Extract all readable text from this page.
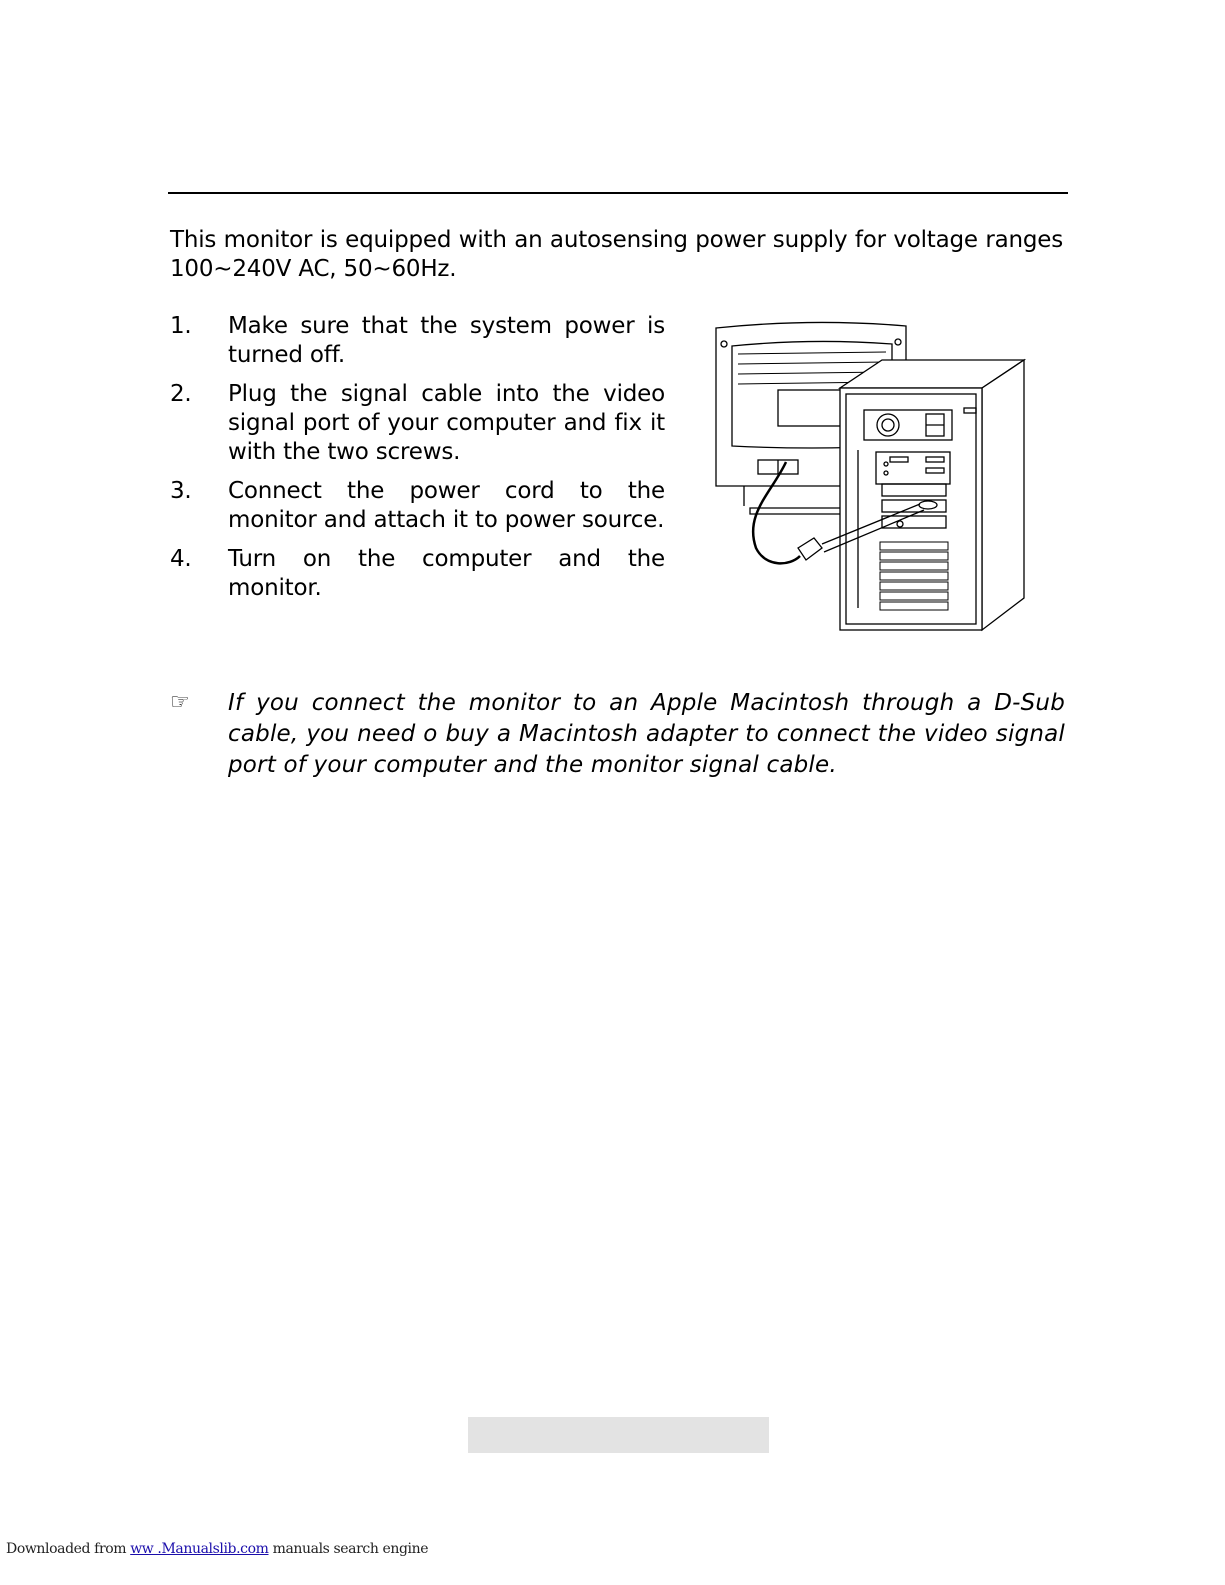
This monitor is equipped with an autosensing power supply for voltage ranges 100~240V AC, 50~60Hz.

1.	Make sure that the system power is turned off.
2.	Plug the signal cable into the video signal port of your computer and fix it with the two screws.
3.	Connect the power cord to the monitor and attach it to power source.
4.	Turn on the computer and the monitor.
☞	If you connect the monitor to an Apple Macintosh through a D-Sub cable, you need o buy a Macintosh adapter to connect the video signal port of your computer and the monitor signal cable.
Downloaded from ww .Manualslib.com manuals search engine
